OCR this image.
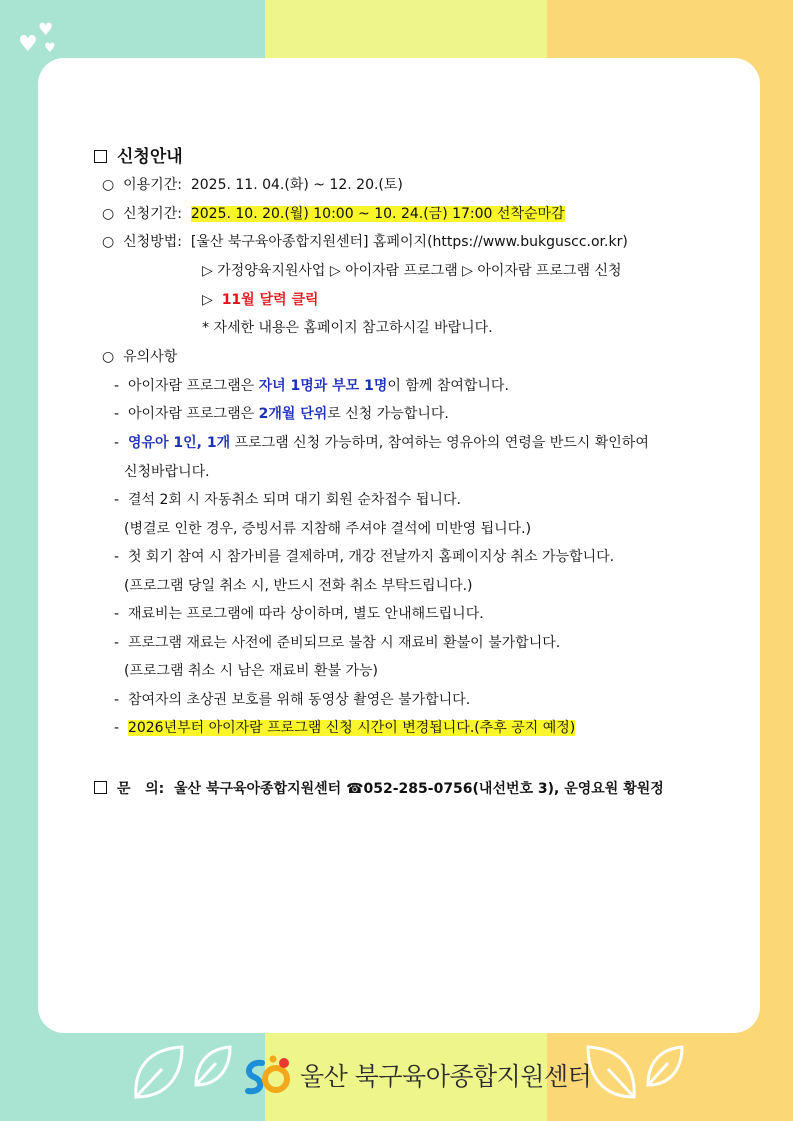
♥
♥
♥
신청안내
○ 이용기간: 2025. 11. 04.(화) ~ 12. 20.(토)
○ 신청기간: 2025. 10. 20.(월) 10:00 ~ 10. 24.(금) 17:00 선착순마감
○ 신청방법: [울산 북구육아종합지원센터] 홈페이지(https://www.bukguscc.or.kr)
▷ 가정양육지원사업 ▷ 아이자람 프로그램 ▷ 아이자람 프로그램 신청
▷ 11월 달력 클릭
* 자세한 내용은 홈페이지 참고하시길 바랍니다.
○ 유의사항
-  아이자람 프로그램은 자녀 1명과 부모 1명이 함께 참여합니다.
-  아이자람 프로그램은 2개월 단위로 신청 가능합니다.
-  영유아 1인, 1개 프로그램 신청 가능하며, 참여하는 영유아의 연령을 반드시 확인하여
신청바랍니다.
-  결석 2회 시 자동취소 되며 대기 회원 순차접수 됩니다.
(병결로 인한 경우, 증빙서류 지참해 주셔야 결석에 미반영 됩니다.)
-  첫 회기 참여 시 참가비를 결제하며, 개강 전날까지 홈페이지상 취소 가능합니다.
(프로그램 당일 취소 시, 반드시 전화 취소 부탁드립니다.)
-  재료비는 프로그램에 따라 상이하며, 별도 안내해드립니다.
-  프로그램 재료는 사전에 준비되므로 불참 시 재료비 환불이 불가합니다.
(프로그램 취소 시 남은 재료비 환불 가능)
-  참여자의 초상권 보호를 위해 동영상 촬영은 불가합니다.
-  2026년부터 아이자람 프로그램 신청 시간이 변경됩니다.(추후 공지 예정)
문   의: 울산 북구육아종합지원센터 ☎052-285-0756(내선번호 3), 운영요원 황원정
울산 북구육아종합지원센터
